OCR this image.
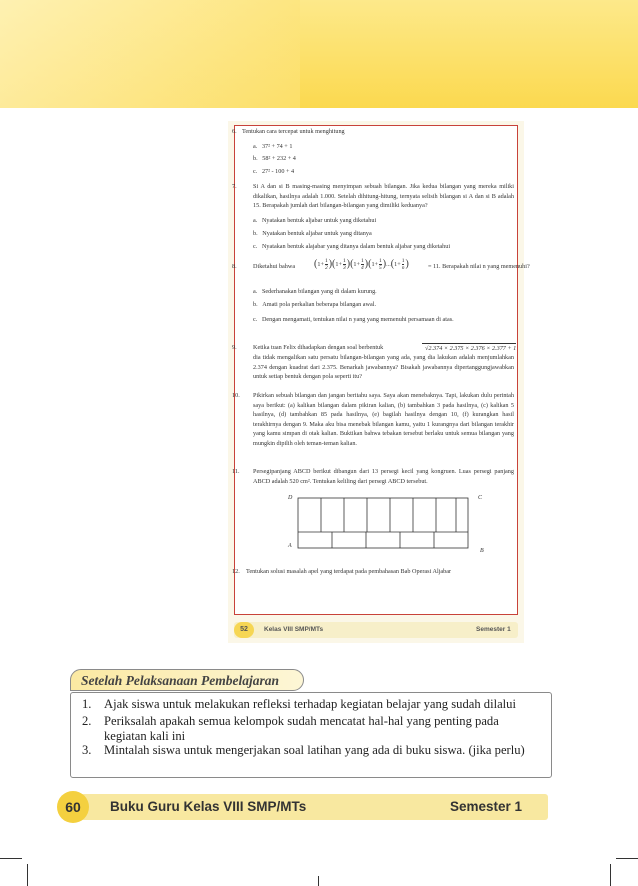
6. Tentukan cara tercepat untuk menghitung
a. 37² + 74 + 1
b. 58² + 232 + 4
c. 27² - 100 + 4
7.	Si A dan si B masing-masing menyimpan sebuah bilangan. Jika kedua bilangan yang mereka miliki dikalikan, hasilnya adalah 1.000. Setelah dihitung-hitung, ternyata selisih bilangan si A dan si B adalah 15. Berapakah jumlah dari bilangan-bilangan yang dimiliki keduanya?
a. Nyatakan bentuk aljabar untuk yang diketahui
b. Nyatakan bentuk aljabar untuk yang ditanya
c. Nyatakan bentuk alajabar yang ditanya dalam bentuk aljabar yang diketahui
8.	Diketahui bahwa $(1+ \frac{1}{2} )(1+ \frac{1}{3} )(1+ \frac{1}{4} )(1+ \frac{1}{5} )...(1+ \frac{1}{n}$ )	= 11. Berapakah nilai n yang memenuhi?
a. Sederhanakan bilangan yang di dalam kurung.
b. Amati pola perkalian beberapa bilangan awal.
c. Dengan mengamati, tentukan nilai n yang yang memenuhi persamaan di atas.
9.	Ketika tuan Felix dihadapkan dengan soal berbentuk	√2.374 × 2.375 × 2.376 × 2.377 + 1
dia tidak mengalikan satu persatu bilangan-bilangan yang ada, yang dia lakukan adalah menjumlahkan 2.374 dengan kuadrat dari 2.375. Benarkah jawabannya? Bisakah jawabannya dipertanggungjawabkan untuk setiap bentuk dengan pola seperti itu?
10. Pikirkan sebuah bilangan dan jangan beritahu saya. Saya akan menebaknya. Tapi, lakukan dulu perintah saya berikut: (a) kalikan bilangan dalam pikiran kalian, (b) tambahkan 3 pada hasilnya, (c) kalikan 5 hasilnya, (d) tambahkan 85 pada hasilnya, (e) bagilah hasilnya dengan 10, (f) kurangkan hasil terakhirnya dengan 9. Maka aku bisa menebak bilangan kamu, yaitu 1 kurangnya dari bilangan terakhir yang kamu simpan di otak kalian. Buktikan bahwa tebakan tersebut berlaku untuk semua bilangan yang mungkin dipilih oleh teman-teman kalian.
11. Persegipanjang ABCD berikut dibangun dari 13 persegi kecil yang kongruen. Luas persegi panjang ABCD adalah 520 cm². Tentukan keliling dari persegi ABCD tersebut.
D	C
A
B
12. Tentukan solusi masalah apel yang terdapat pada pembahasan Bab Operasi Aljabar
52	Kelas VIII SMP/MTs	Semester 1
Setelah Pelaksanaan Pembelajaran
1. Ajak siswa untuk melakukan refleksi terhadap kegiatan belajar yang sudah dilalui
2. Periksalah apakah semua kelompok sudah mencatat hal-hal yang penting pada kegiatan kali ini
3. Mintalah siswa untuk mengerjakan soal latihan yang ada di buku siswa. (jika perlu)
60	Buku Guru Kelas VIII SMP/MTs	Semester 1
